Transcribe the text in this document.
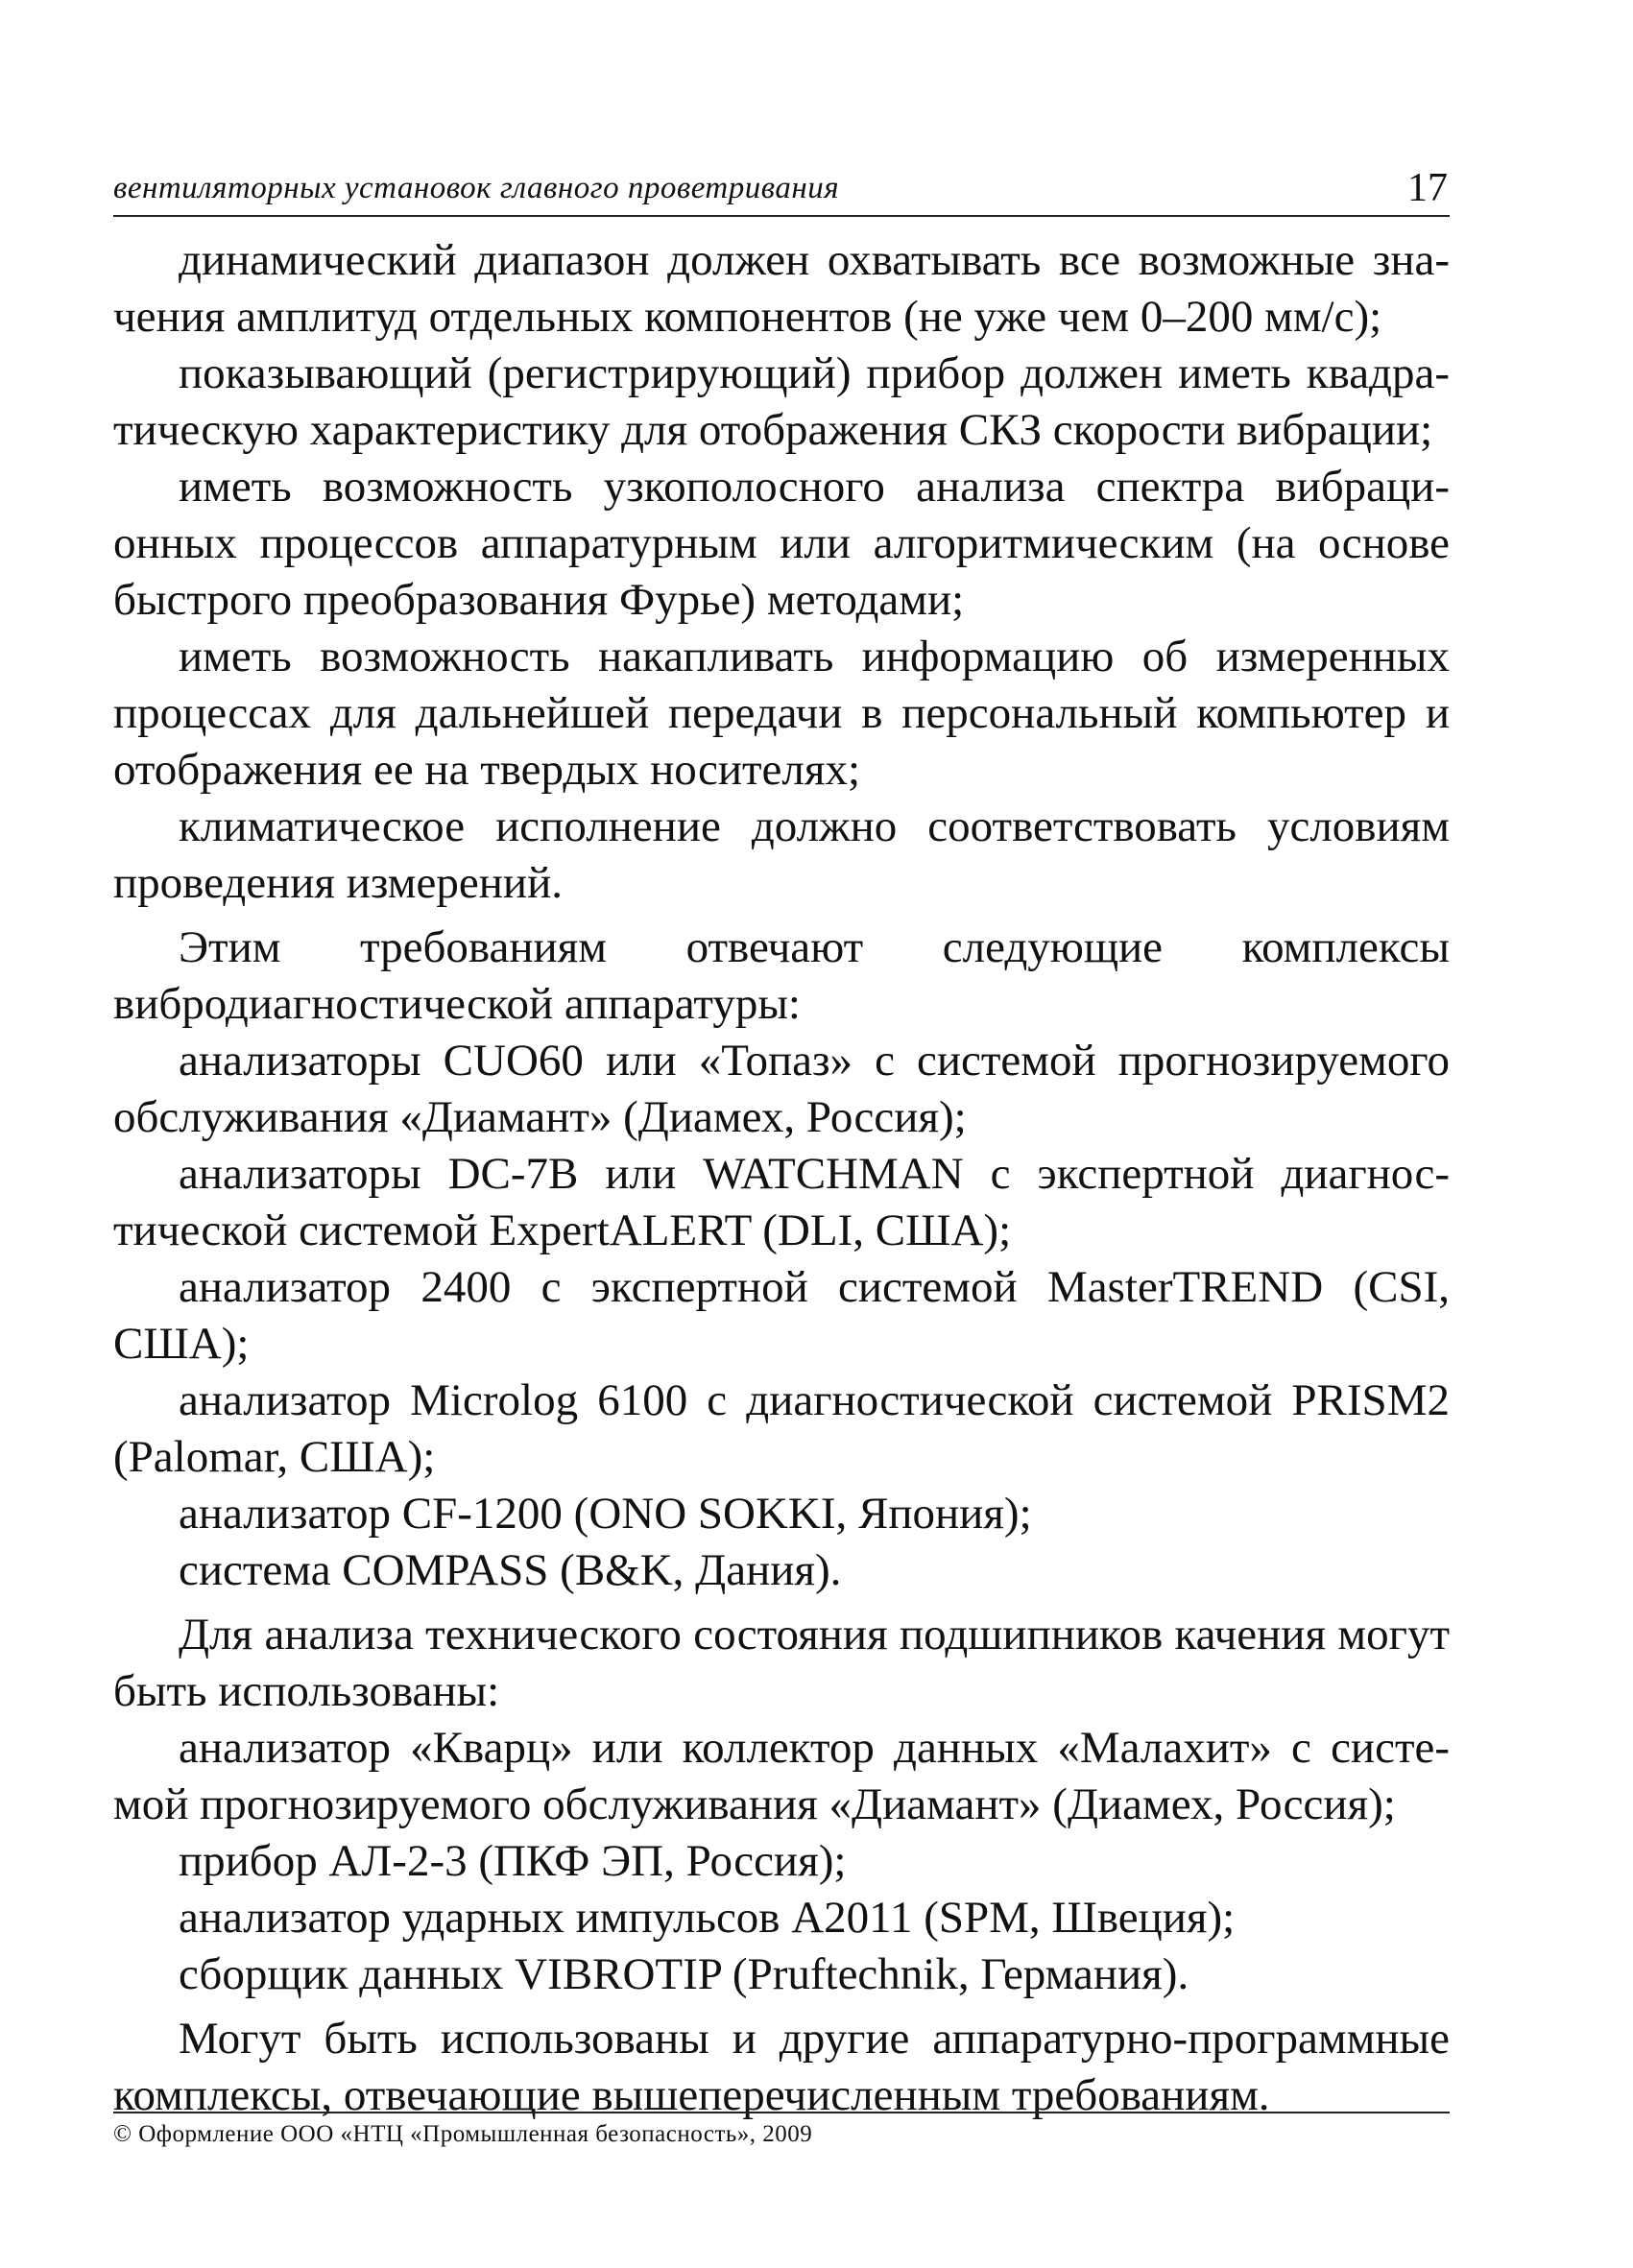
вентиляторных установок главного проветривания	17

динамический диапазон должен охватывать все возможные значения амплитуд отдельных компонентов (не уже чем 0–200 мм/с);

показывающий (регистрирующий) прибор должен иметь квадратическую характеристику для отображения СКЗ скорости вибрации;

иметь возможность узкополосного анализа спектра вибрационных процессов аппаратурным или алгоритмическим (на основе быстрого преобразования Фурье) методами;

иметь возможность накапливать информацию об измеренных процессах для дальнейшей передачи в персональный компьютер и отображения ее на твердых носителях;

климатическое исполнение должно соответствовать условиям проведения измерений.

Этим требованиям отвечают следующие комплексы вибродиагностической аппаратуры:

анализаторы CUO60 или «Топаз» с системой прогнозируемого обслуживания «Диамант» (Диамех, Россия);

анализаторы DC-7B или WATCHMAN с экспертной диагностической системой ExpertALERT (DLI, США);

анализатор 2400 с экспертной системой MasterTREND (CSI, США);

анализатор Microlog 6100 с диагностической системой PRISM2 (Palomar, США);

анализатор CF-1200 (ONO SOKKI, Япония);

система COMPASS (B&K, Дания).

Для анализа технического состояния подшипников качения могут быть использованы:

анализатор «Кварц» или коллектор данных «Малахит» с системой прогнозируемого обслуживания «Диамант» (Диамех, Россия);

прибор АЛ-2-3 (ПКФ ЭП, Россия);

анализатор ударных импульсов А2011 (SPM, Швеция);

сборщик данных VIBROTIP (Pruftechnik, Германия).

Могут быть использованы и другие аппаратурно-программные комплексы, отвечающие вышеперечисленным требованиям.

© Оформление ООО «НТЦ «Промышленная безопасность», 2009
